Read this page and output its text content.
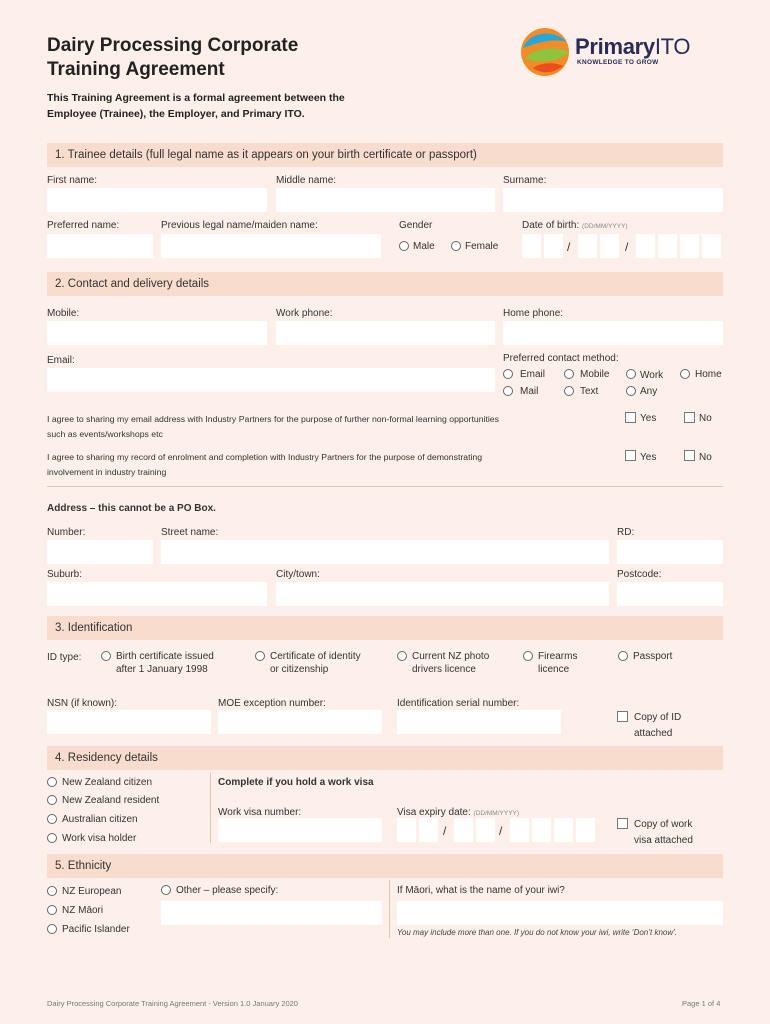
Dairy Processing Corporate
Training Agreement
This Training Agreement is a formal agreement between the
Employee (Trainee), the Employer, and Primary ITO.
PrimaryITO
KNOWLEDGE TO GROW
1. Trainee details (full legal name as it appears on your birth certificate or passport)
First name:	Middle name:	Surname:
Preferred name:	Previous legal name/maiden name:	Gender	Date of birth: (DD/MM/YYYY)
Male	Female	/	/
2. Contact and delivery details
Mobile:	Work phone:	Home phone:
Email:	Preferred contact method:
Email	Mobile	Work	Home
Mail	Text	Any
I agree to sharing my email address with Industry Partners for the purpose of further non-formal learning opportunities
such as events/workshops etc
Yes	No
I agree to sharing my record of enrolment and completion with Industry Partners for the purpose of demonstrating
involvement in industry training
Yes	No
Address – this cannot be a PO Box.
Number:	Street name:	RD:
Suburb:	City/town:	Postcode:
3. Identification
ID type:	Birth certificate issued
after 1 January 1998
Certificate of identity
or citizenship
Current NZ photo
drivers licence
Firearms
licence
Passport
NSN (if known):	MOE exception number:	Identification serial number:
Copy of ID
attached
4. Residency details
New Zealand citizen
New Zealand resident
Australian citizen
Work visa holder
Complete if you hold a work visa
Work visa number:	Visa expiry date: (DD/MM/YYYY)
/	/	Copy of work
visa attached
5. Ethnicity
NZ European
NZ Māori
Pacific Islander
Other – please specify:	If Māori, what is the name of your iwi?
You may include more than one. If you do not know your iwi, write ‘Don’t know’.
Dairy Processing Corporate Training Agreement - Version 1.0 January 2020	Page 1 of 4
